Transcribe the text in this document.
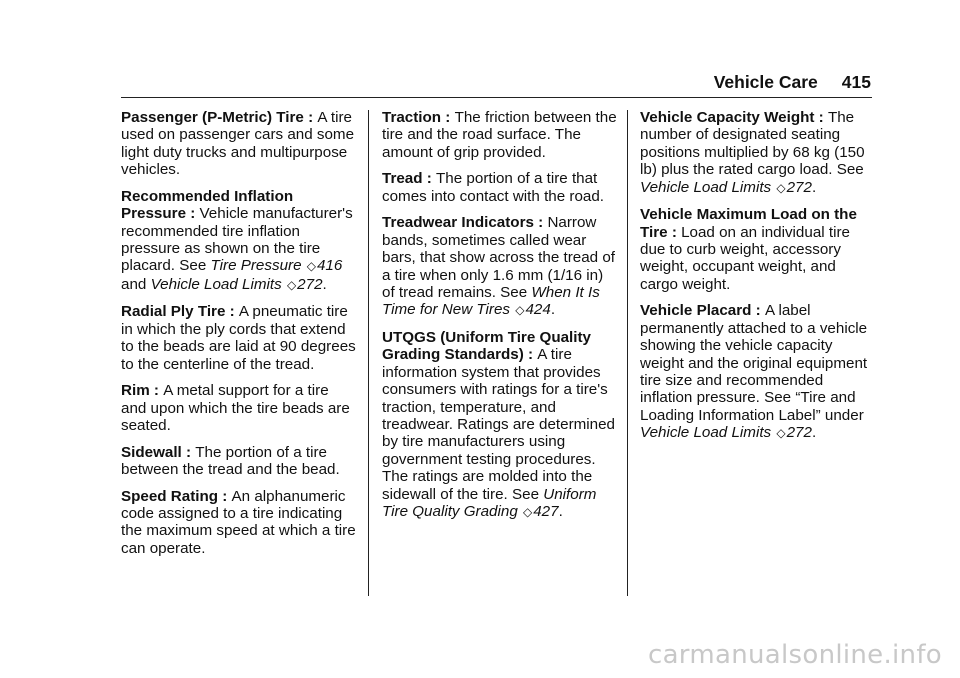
Vehicle Care 415

Passenger (P-Metric) Tire : A tire used on passenger cars and some light duty trucks and multipurpose vehicles.

Recommended Inflation Pressure : Vehicle manufacturer's recommended tire inflation pressure as shown on the tire placard. See Tire Pressure ◇416 and Vehicle Load Limits ◇272.

Radial Ply Tire : A pneumatic tire in which the ply cords that extend to the beads are laid at 90 degrees to the centerline of the tread.

Rim : A metal support for a tire and upon which the tire beads are seated.

Sidewall : The portion of a tire between the tread and the bead.

Speed Rating : An alphanumeric code assigned to a tire indicating the maximum speed at which a tire can operate.

Traction : The friction between the tire and the road surface. The amount of grip provided.

Tread : The portion of a tire that comes into contact with the road.

Treadwear Indicators : Narrow bands, sometimes called wear bars, that show across the tread of a tire when only 1.6 mm (1/16 in) of tread remains. See When It Is Time for New Tires ◇424.

UTQGS (Uniform Tire Quality Grading Standards) : A tire information system that provides consumers with ratings for a tire's traction, temperature, and treadwear. Ratings are determined by tire manufacturers using government testing procedures. The ratings are molded into the sidewall of the tire. See Uniform Tire Quality Grading ◇427.

Vehicle Capacity Weight : The number of designated seating positions multiplied by 68 kg (150 lb) plus the rated cargo load. See Vehicle Load Limits ◇272.

Vehicle Maximum Load on the Tire : Load on an individual tire due to curb weight, accessory weight, occupant weight, and cargo weight.

Vehicle Placard : A label permanently attached to a vehicle showing the vehicle capacity weight and the original equipment tire size and recommended inflation pressure. See “Tire and Loading Information Label” under Vehicle Load Limits ◇272.

carmanualsonline.info
